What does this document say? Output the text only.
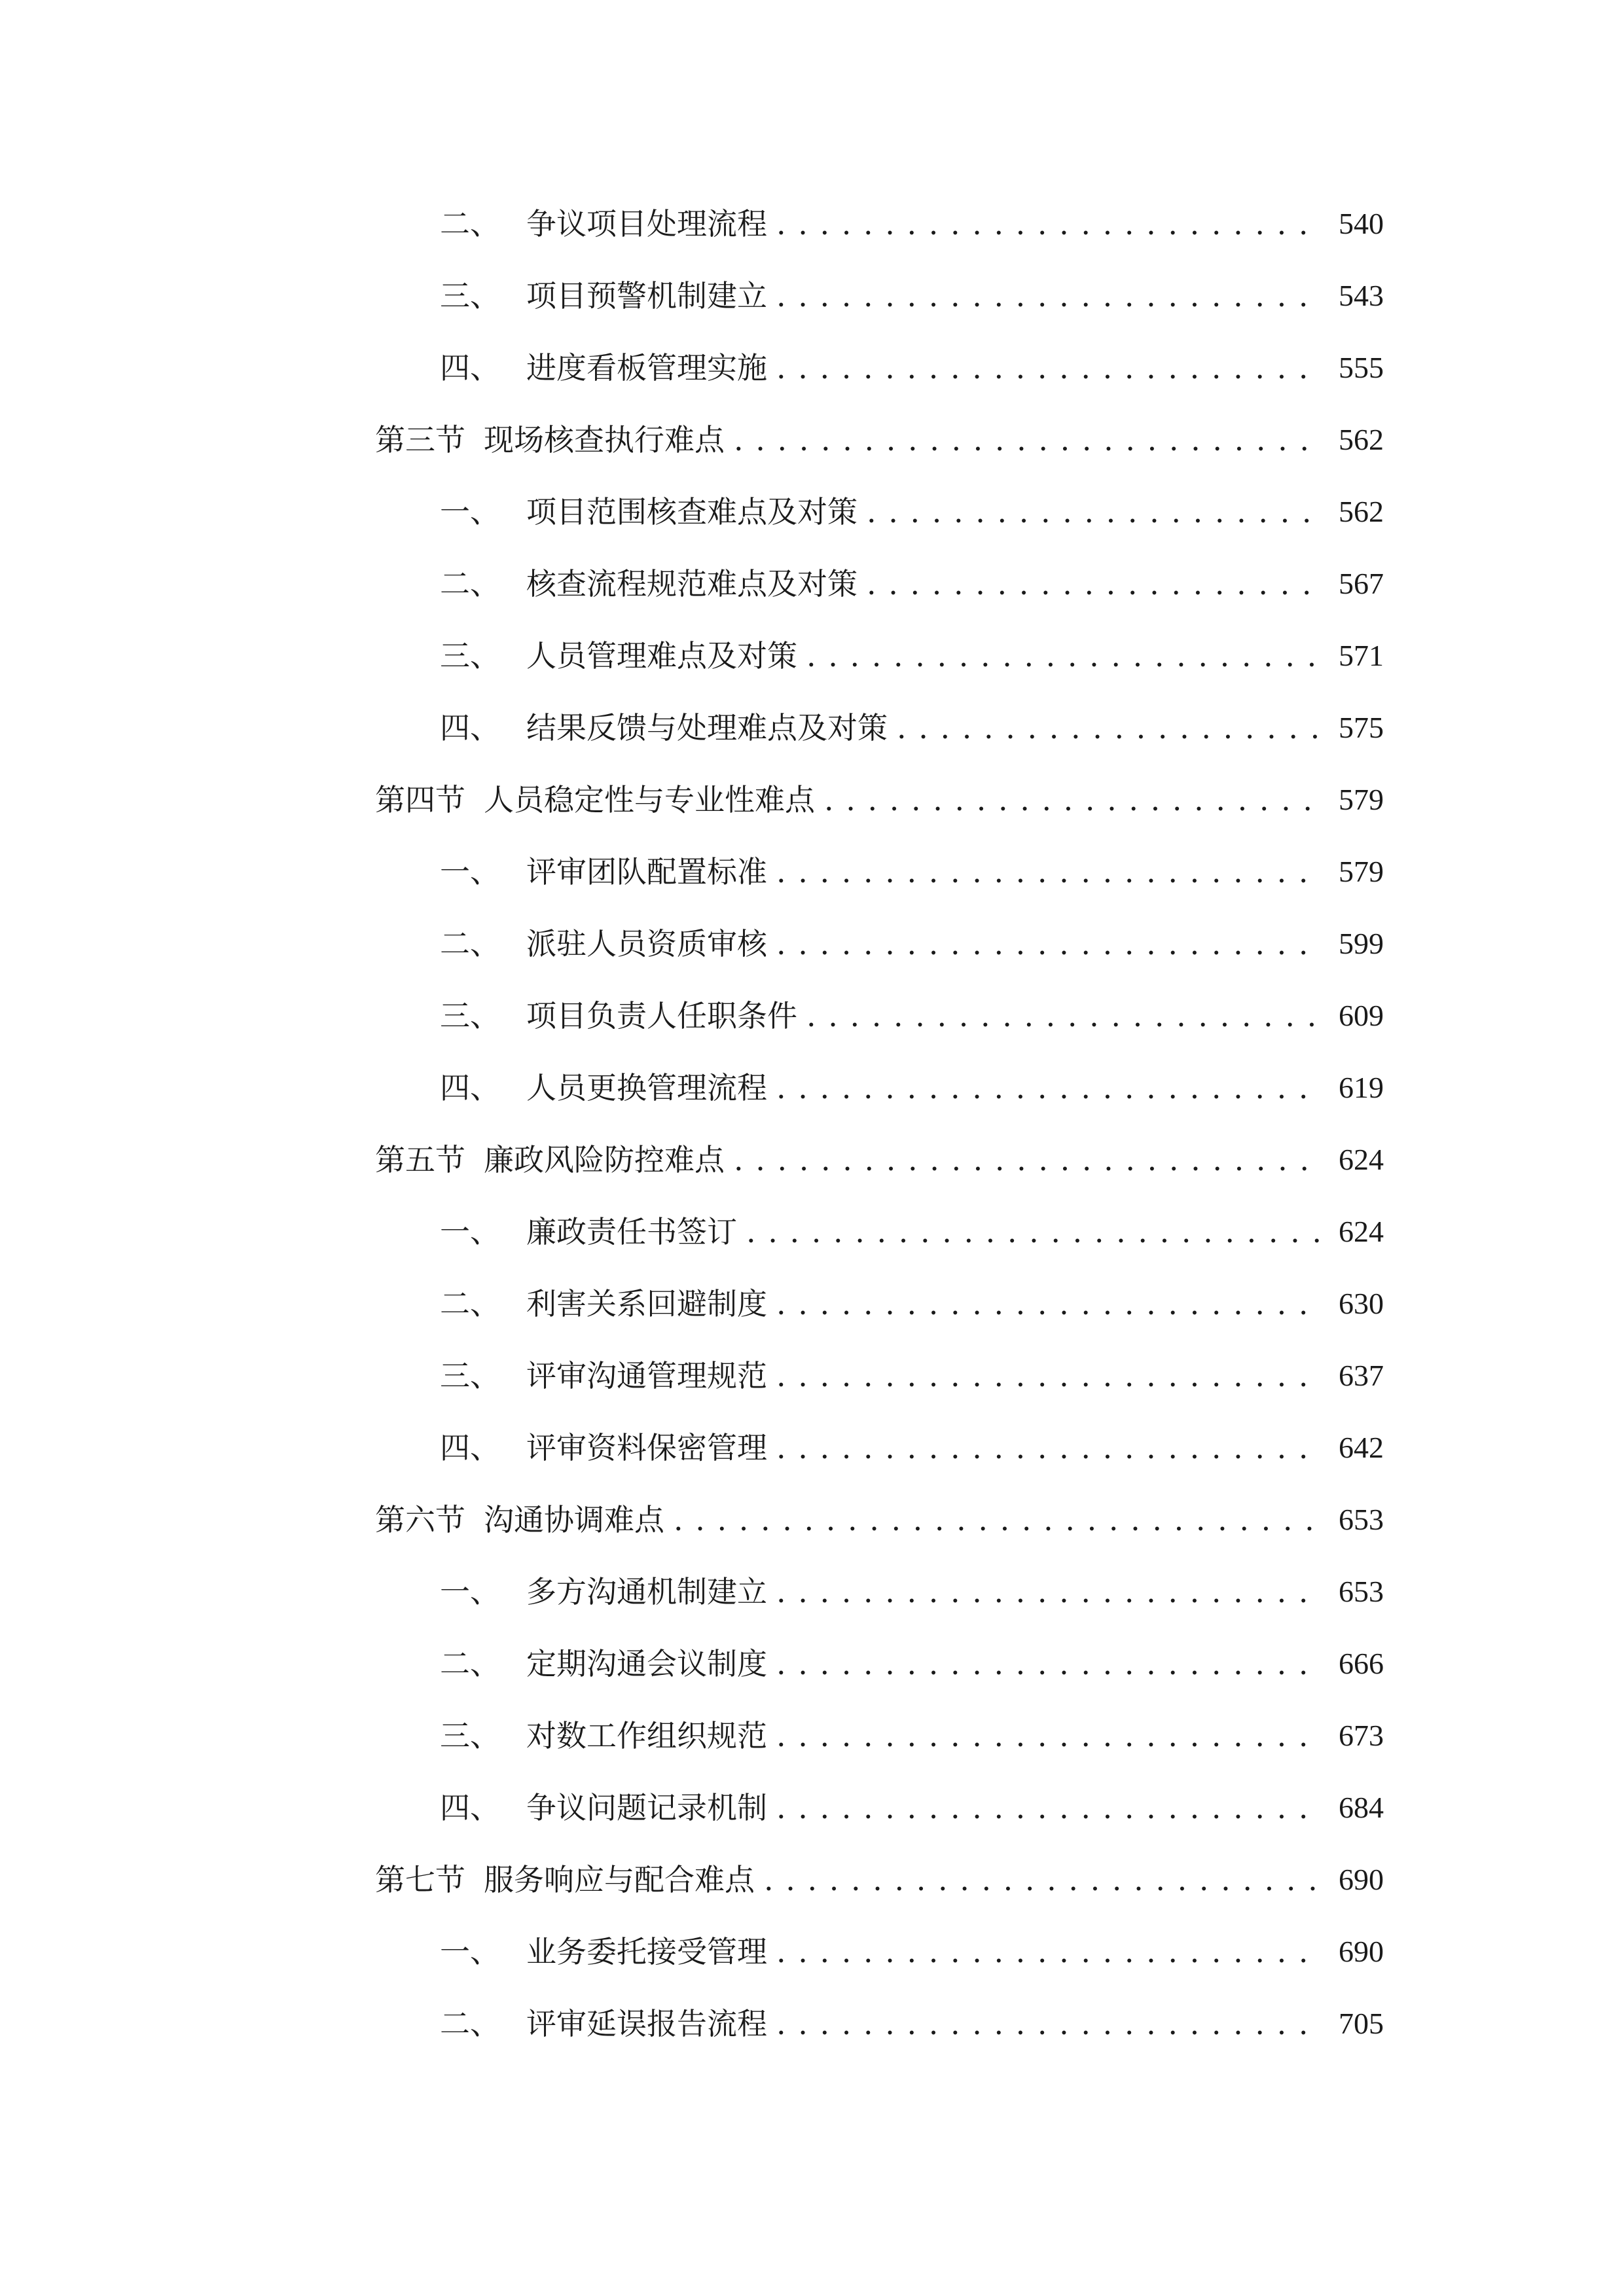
二、 争议项目处理流程 . . .	540
三、 项目预警机制建立 . . .	543
四、 进度看板管理实施 . . .	555
第三节 现场核查执行难点 . . .	562
一、 项目范围核查难点及对策 . . .	562
二、 核查流程规范难点及对策 . . .	567
三、 人员管理难点及对策 . . .	571
四、 结果反馈与处理难点及对策 . . .	575
第四节 人员稳定性与专业性难点 . . .	579
一、 评审团队配置标准 . . .	579
二、 派驻人员资质审核 . . .	599
三、 项目负责人任职条件 . . .	609
四、 人员更换管理流程 . . .	619
第五节 廉政风险防控难点 . . .	624
一、 廉政责任书签订 . . .	624
二、 利害关系回避制度 . . .	630
三、 评审沟通管理规范 . . .	637
四、 评审资料保密管理 . . .	642
第六节 沟通协调难点 . . .	653
一、 多方沟通机制建立 . . .	653
二、 定期沟通会议制度 . . .	666
三、 对数工作组织规范 . . .	673
四、 争议问题记录机制 . . .	684
第七节 服务响应与配合难点 . . .	690
一、 业务委托接受管理 . . .	690
二、 评审延误报告流程 . . .	705
